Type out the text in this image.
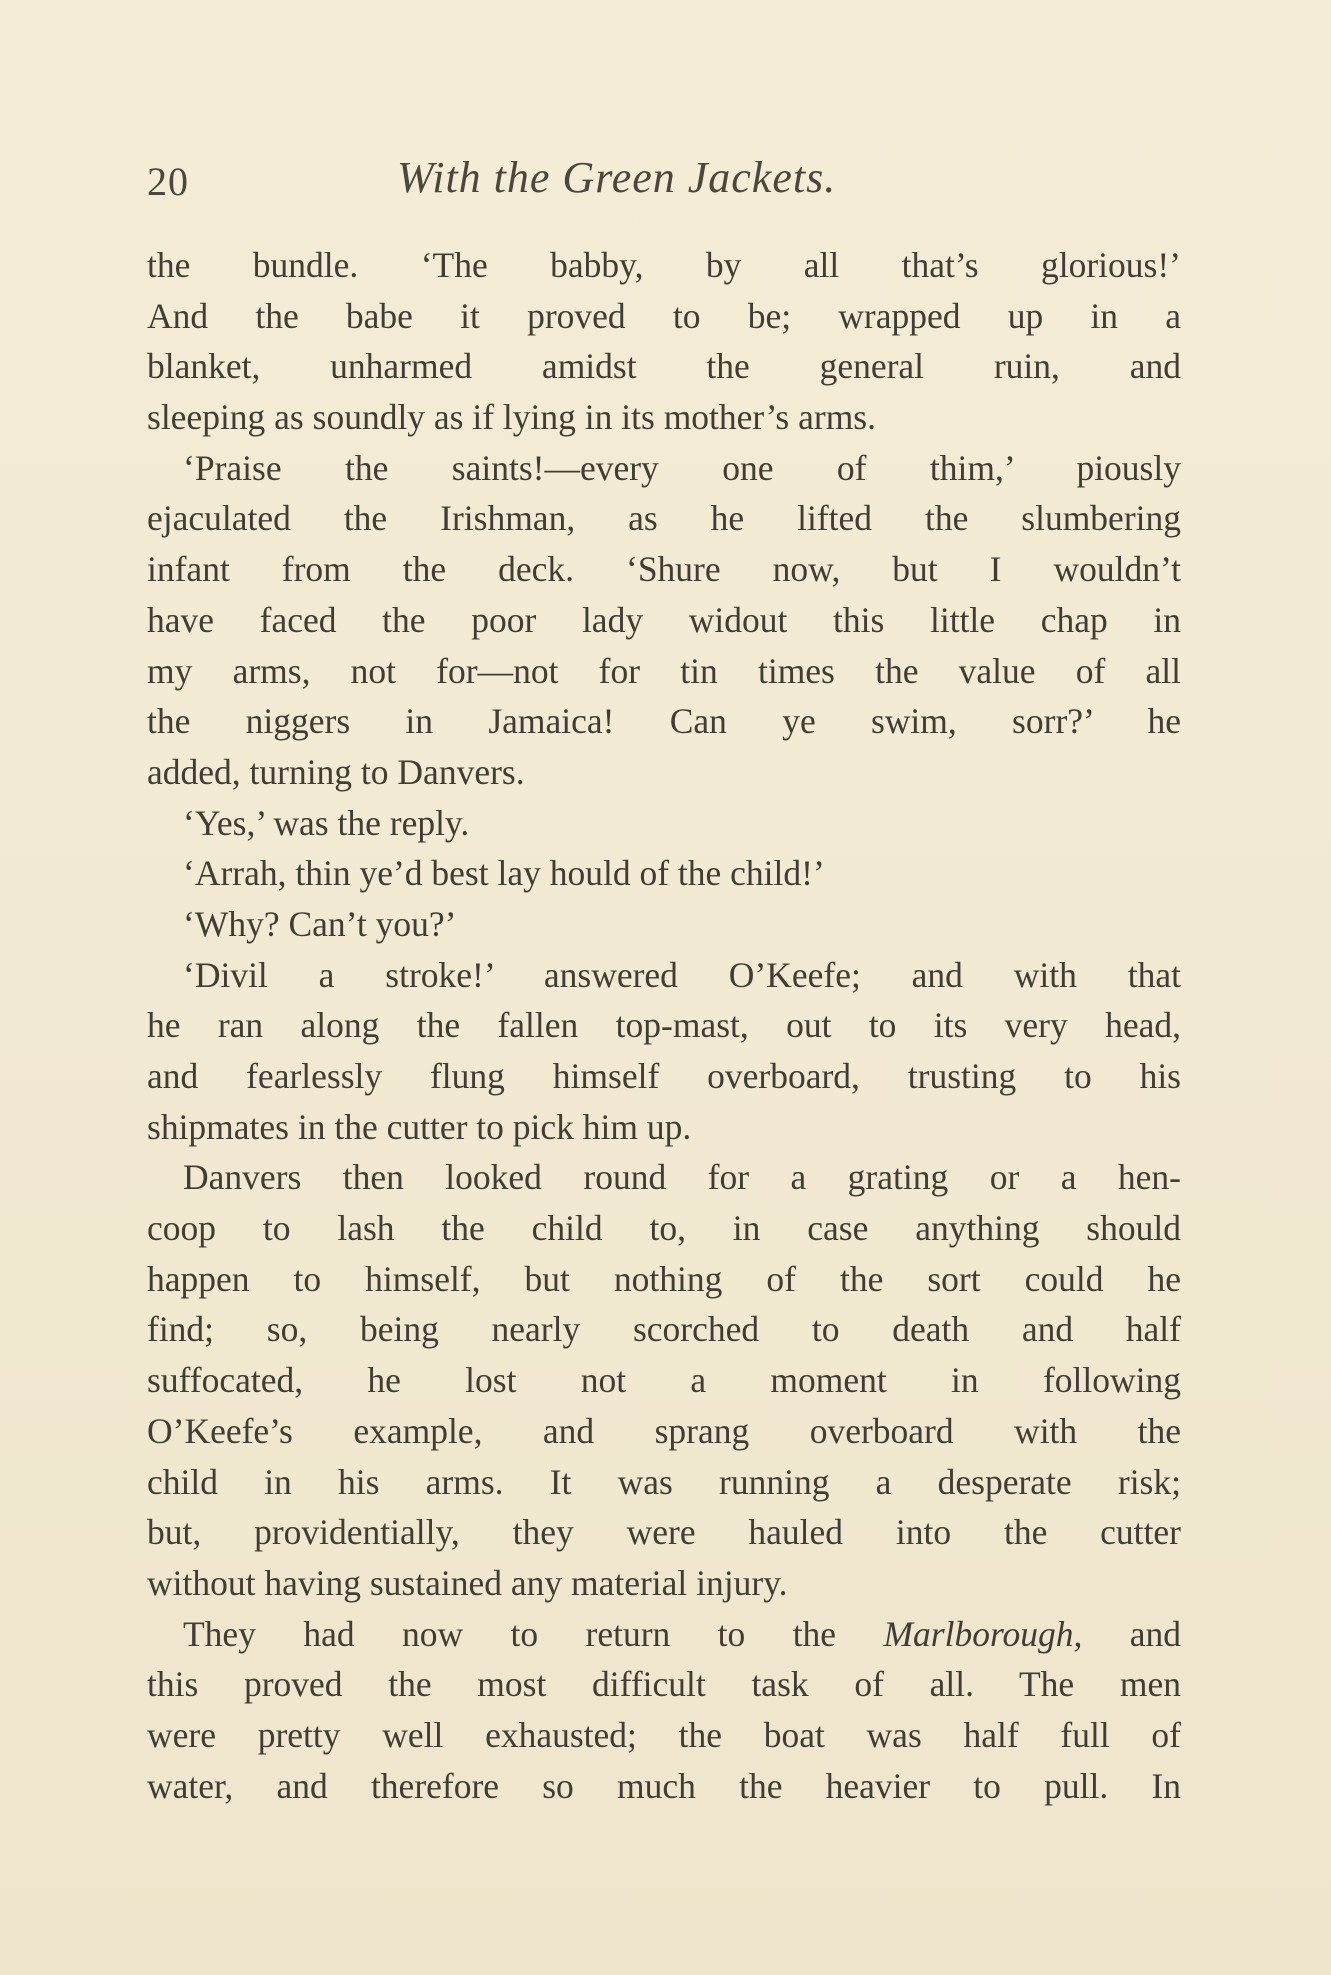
20	With the Green Jackets.
the bundle. ‘The babby, by all that’s glorious!’
And the babe it proved to be; wrapped up in a
blanket, unharmed amidst the general ruin, and
sleeping as soundly as if lying in its mother’s arms.
‘Praise the saints!—every one of thim,’ piously
ejaculated the Irishman, as he lifted the slumbering
infant from the deck. ‘Shure now, but I wouldn’t
have faced the poor lady widout this little chap in
my arms, not for—not for tin times the value of all
the niggers in Jamaica! Can ye swim, sorr?’ he
added, turning to Danvers.
‘Yes,’ was the reply.
‘Arrah, thin ye’d best lay hould of the child!’
‘Why? Can’t you?’
‘Divil a stroke!’ answered O’Keefe; and with that
he ran along the fallen top-mast, out to its very head,
and fearlessly flung himself overboard, trusting to his
shipmates in the cutter to pick him up.
Danvers then looked round for a grating or a hen-
coop to lash the child to, in case anything should
happen to himself, but nothing of the sort could he
find; so, being nearly scorched to death and half
suffocated, he lost not a moment in following
O’Keefe’s example, and sprang overboard with the
child in his arms. It was running a desperate risk;
but, providentially, they were hauled into the cutter
without having sustained any material injury.
They had now to return to the Marlborough, and
this proved the most difficult task of all. The men
were pretty well exhausted; the boat was half full of
water, and therefore so much the heavier to pull. In
